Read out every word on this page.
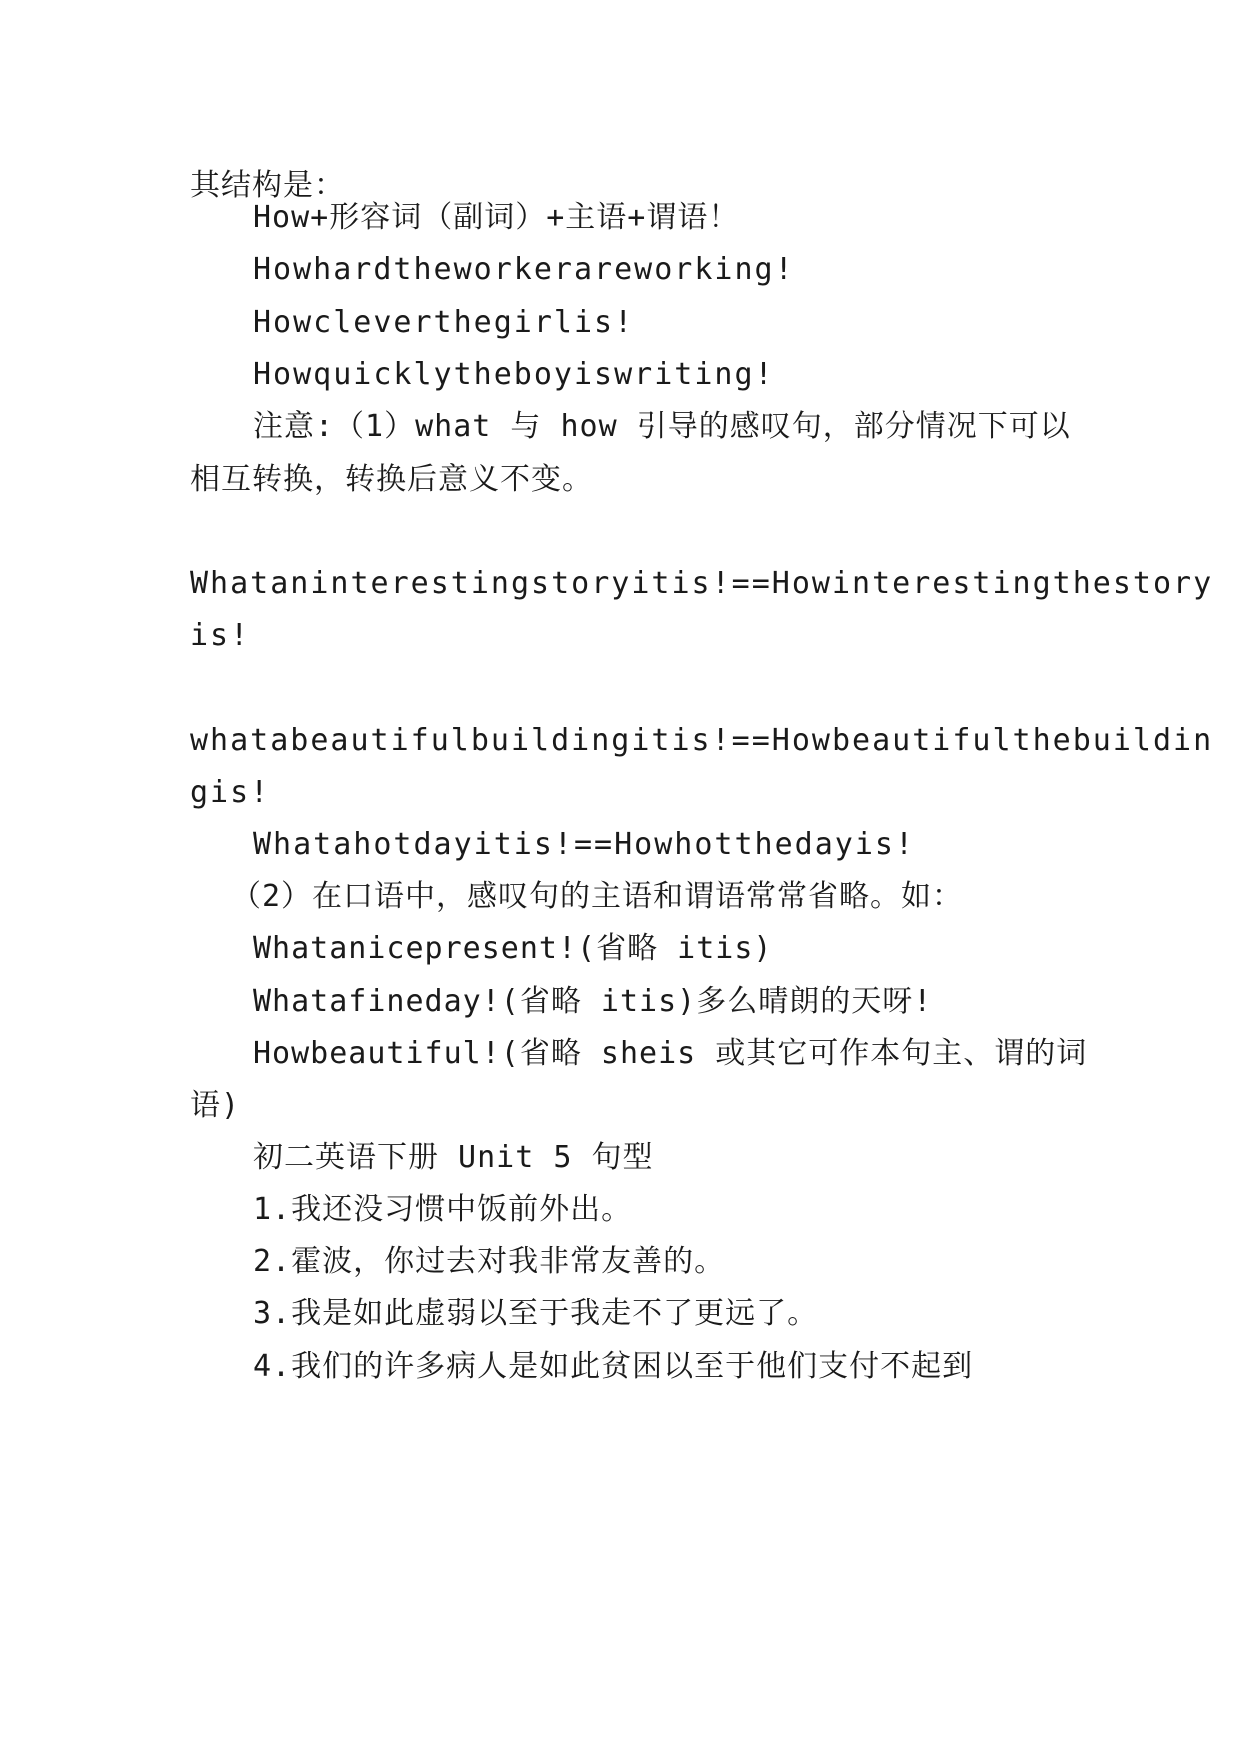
其结构是：
How+形容词（副词）+主语+谓语！
Howhardtheworkerareworking!
Howcleverthegirlis!
Howquicklytheboyiswriting!
注意:（1）what 与 how 引导的感叹句，部分情况下可以
相互转换，转换后意义不变。
Whataninterestingstoryitis!==Howinterestingthestory
is!
whatabeautifulbuildingitis!==Howbeautifulthebuildin
gis!
Whatahotdayitis!==Howhotthedayis!
（2）在口语中，感叹句的主语和谓语常常省略。如：
Whatanicepresent!(省略 itis)
Whatafineday!(省略 itis)多么晴朗的天呀!
Howbeautiful!(省略 sheis 或其它可作本句主、谓的词
语)
初二英语下册 Unit 5 句型
1.我还没习惯中饭前外出。
2.霍波，你过去对我非常友善的。
3.我是如此虚弱以至于我走不了更远了。
4.我们的许多病人是如此贫困以至于他们支付不起到
